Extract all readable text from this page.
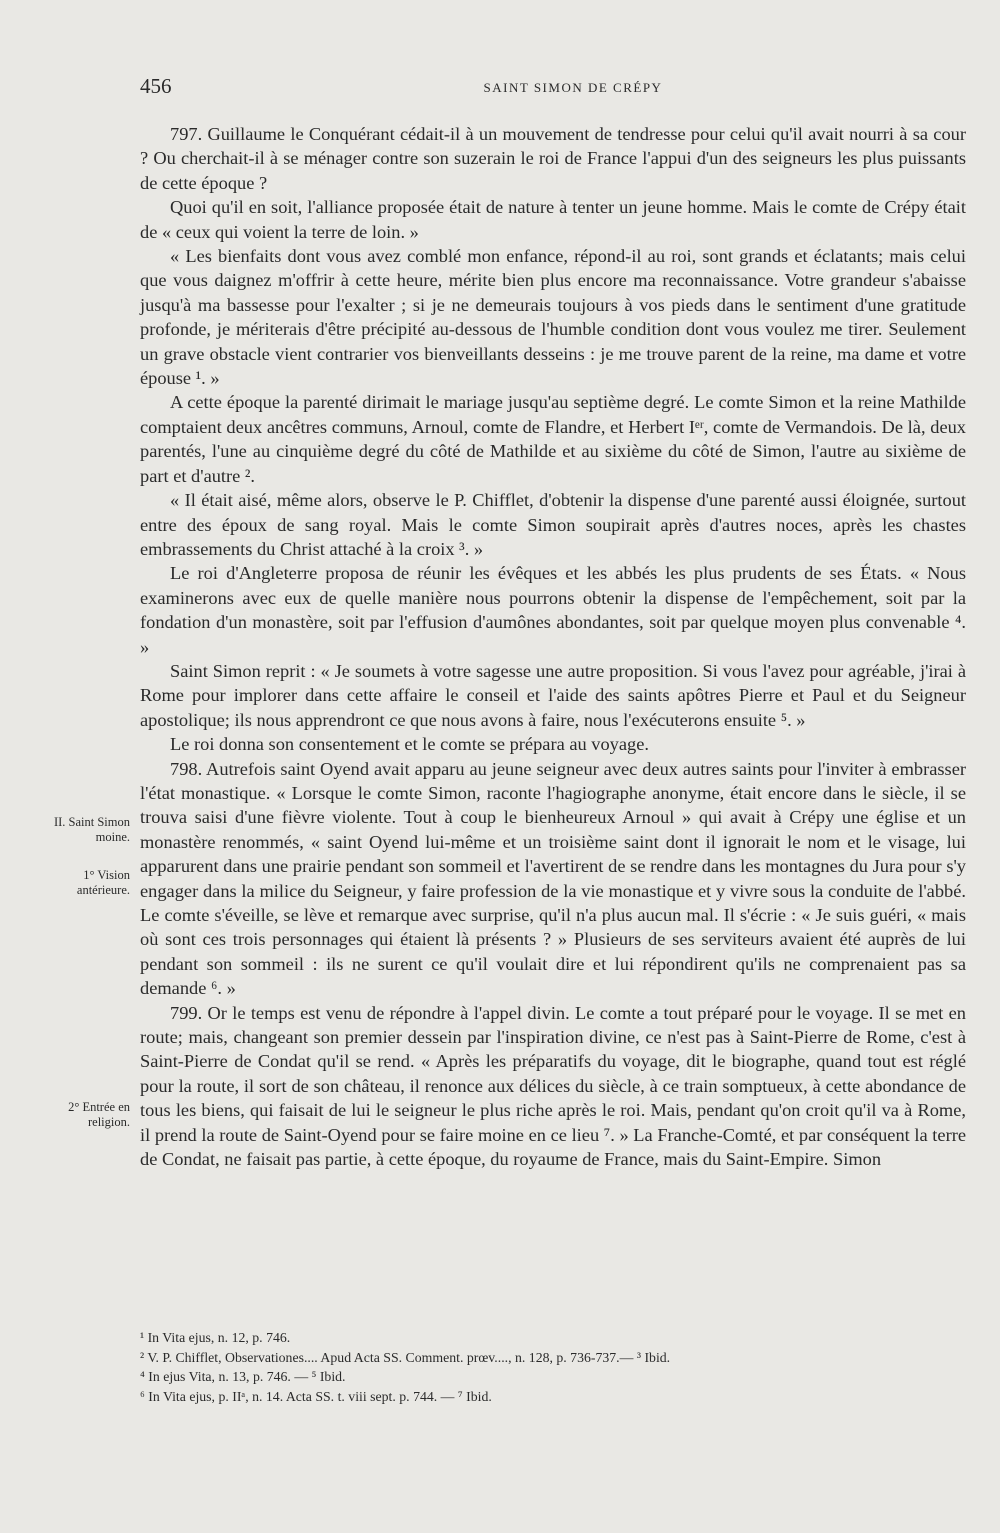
456	SAINT SIMON DE CRÉPY
II. Saint Simon moine.
1° Vision antérieure.
2° Entrée en religion.

797. Guillaume le Conquérant cédait-il à un mouvement de tendresse pour celui qu'il avait nourri à sa cour ? Ou cherchait-il à se ménager contre son suzerain le roi de France l'appui d'un des seigneurs les plus puissants de cette époque ?

Quoi qu'il en soit, l'alliance proposée était de nature à tenter un jeune homme. Mais le comte de Crépy était de « ceux qui voient la terre de loin. »

« Les bienfaits dont vous avez comblé mon enfance, répond-il au roi, sont grands et éclatants; mais celui que vous daignez m'offrir à cette heure, mérite bien plus encore ma reconnaissance. Votre grandeur s'abaisse jusqu'à ma bassesse pour l'exalter ; si je ne demeurais toujours à vos pieds dans le sentiment d'une gratitude profonde, je mériterais d'être précipité au-dessous de l'humble condition dont vous voulez me tirer. Seulement un grave obstacle vient contrarier vos bienveillants desseins : je me trouve parent de la reine, ma dame et votre épouse ¹. »

A cette époque la parenté dirimait le mariage jusqu'au septième degré. Le comte Simon et la reine Mathilde comptaient deux ancêtres communs, Arnoul, comte de Flandre, et Herbert Iᵉʳ, comte de Vermandois. De là, deux parentés, l'une au cinquième degré du côté de Mathilde et au sixième du côté de Simon, l'autre au sixième de part et d'autre ².

« Il était aisé, même alors, observe le P. Chifflet, d'obtenir la dispense d'une parenté aussi éloignée, surtout entre des époux de sang royal. Mais le comte Simon soupirait après d'autres noces, après les chastes embrassements du Christ attaché à la croix ³. »

Le roi d'Angleterre proposa de réunir les évêques et les abbés les plus prudents de ses États. « Nous examinerons avec eux de quelle manière nous pourrons obtenir la dispense de l'empêchement, soit par la fondation d'un monastère, soit par l'effusion d'aumônes abondantes, soit par quelque moyen plus convenable ⁴. »

Saint Simon reprit : « Je soumets à votre sagesse une autre proposition. Si vous l'avez pour agréable, j'irai à Rome pour implorer dans cette affaire le conseil et l'aide des saints apôtres Pierre et Paul et du Seigneur apostolique; ils nous apprendront ce que nous avons à faire, nous l'exécuterons ensuite ⁵. »

Le roi donna son consentement et le comte se prépara au voyage.

798. Autrefois saint Oyend avait apparu au jeune seigneur avec deux autres saints pour l'inviter à embrasser l'état monastique. « Lorsque le comte Simon, raconte l'hagiographe anonyme, était encore dans le siècle, il se trouva saisi d'une fièvre violente. Tout à coup le bienheureux Arnoul » qui avait à Crépy une église et un monastère renommés, « saint Oyend lui-même et un troisième saint dont il ignorait le nom et le visage, lui apparurent dans une prairie pendant son sommeil et l'avertirent de se rendre dans les montagnes du Jura pour s'y engager dans la milice du Seigneur, y faire profession de la vie monastique et y vivre sous la conduite de l'abbé. Le comte s'éveille, se lève et remarque avec surprise, qu'il n'a plus aucun mal. Il s'écrie : « Je suis guéri, « mais où sont ces trois personnages qui étaient là présents ? » Plusieurs de ses serviteurs avaient été auprès de lui pendant son sommeil : ils ne surent ce qu'il voulait dire et lui répondirent qu'ils ne comprenaient pas sa demande ⁶. »

799. Or le temps est venu de répondre à l'appel divin. Le comte a tout préparé pour le voyage. Il se met en route; mais, changeant son premier dessein par l'inspiration divine, ce n'est pas à Saint-Pierre de Rome, c'est à Saint-Pierre de Condat qu'il se rend. « Après les préparatifs du voyage, dit le biographe, quand tout est réglé pour la route, il sort de son château, il renonce aux délices du siècle, à ce train somptueux, à cette abondance de tous les biens, qui faisait de lui le seigneur le plus riche après le roi. Mais, pendant qu'on croit qu'il va à Rome, il prend la route de Saint-Oyend pour se faire moine en ce lieu ⁷. » La Franche-Comté, et par conséquent la terre de Condat, ne faisait pas partie, à cette époque, du royaume de France, mais du Saint-Empire. Simon

¹ In Vita ejus, n. 12, p. 746.
² V. P. Chifflet, Observationes.... Apud Acta SS. Comment. prœv...., n. 128, p. 736-737.— ³ Ibid.
⁴ In ejus Vita, n. 13, p. 746. — ⁵ Ibid.
⁶ In Vita ejus, p. IIᵃ, n. 14. Acta SS. t. viii sept. p. 744. — ⁷ Ibid.
